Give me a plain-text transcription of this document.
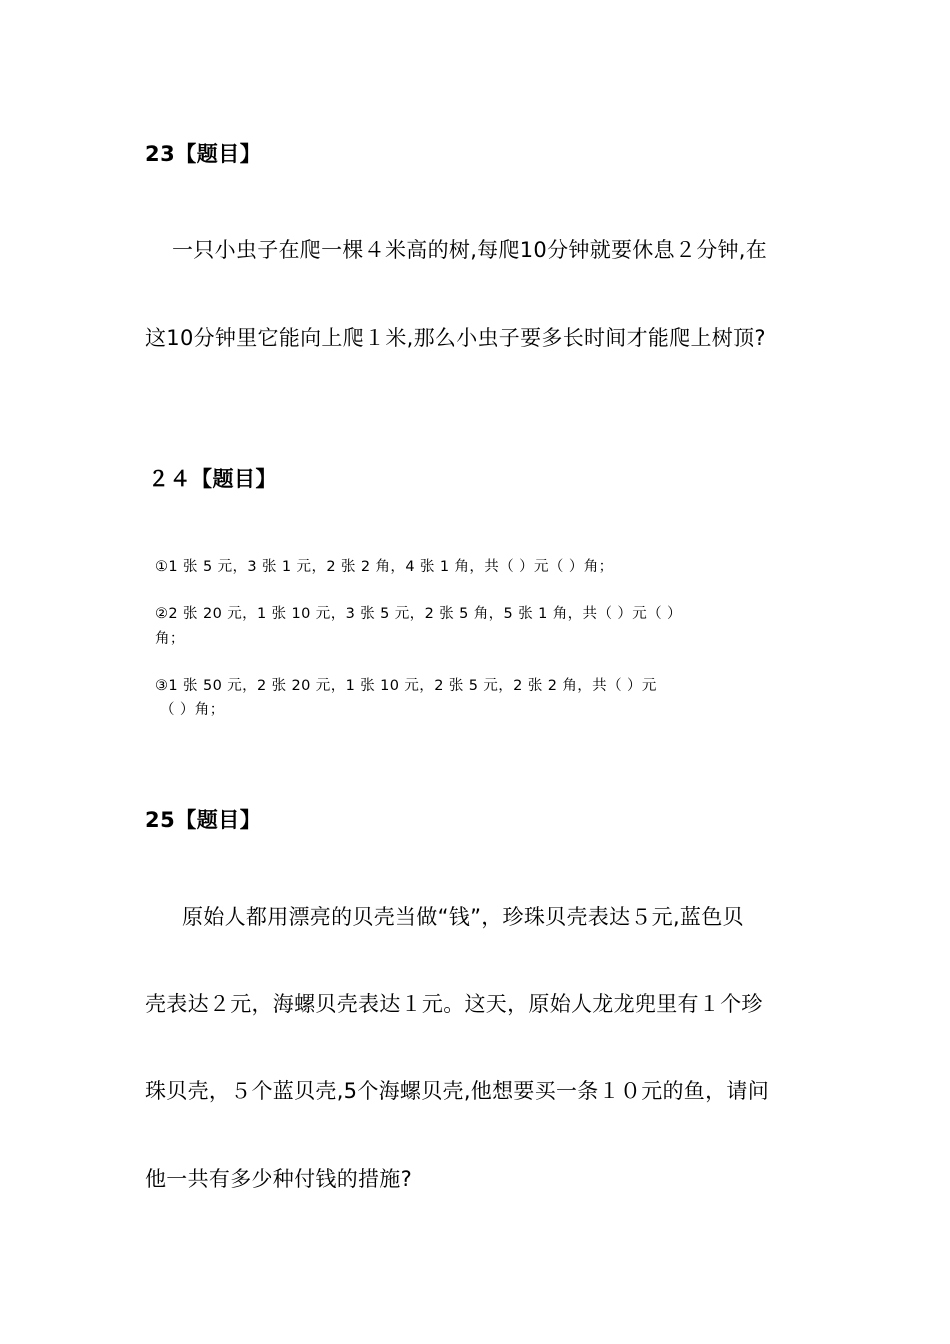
23【题目】
一只小虫子在爬一棵４米高的树,每爬10分钟就要休息２分钟,在
这10分钟里它能向上爬１米,那么小虫子要多长时间才能爬上树顶?
２４【题目】
①1 张 5 元，3 张 1 元，2 张 2 角，4 张 1 角，共（ ）元（ ）角；
②2 张 20 元，1 张 10 元，3 张 5 元，2 张 5 角，5 张 1 角，共（ ）元（ ）
角；
③1 张 50 元，2 张 20 元，1 张 10 元，2 张 5 元，2 张 2 角，共（ ）元
（ ）角；
25【题目】
原始人都用漂亮的贝壳当做“钱”，珍珠贝壳表达５元,蓝色贝
壳表达２元，海螺贝壳表达１元。这天，原始人龙龙兜里有１个珍
珠贝壳，５个蓝贝壳,5个海螺贝壳,他想要买一条１０元的鱼，请问
他一共有多少种付钱的措施?
